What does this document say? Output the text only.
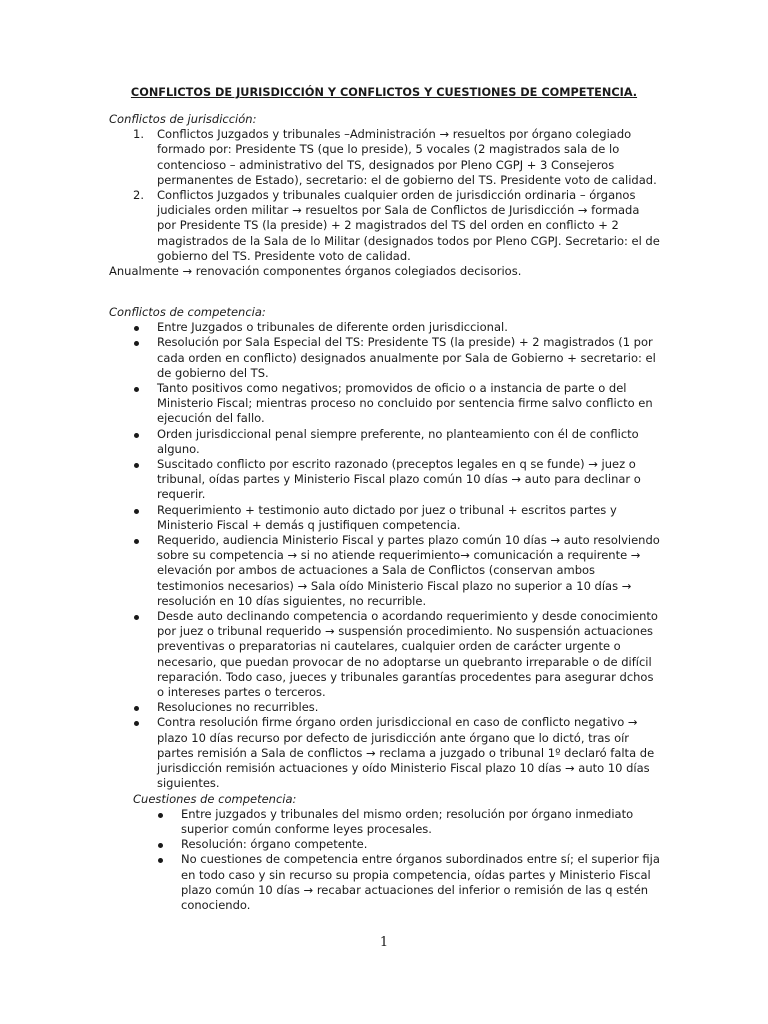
CONFLICTOS DE JURISDICCIÓN Y CONFLICTOS Y CUESTIONES DE COMPETENCIA.
Conflictos de jurisdicción:
1. Conflictos Juzgados y tribunales –Administración → resueltos por órgano colegiado formado por: Presidente TS (que lo preside), 5 vocales (2 magistrados sala de lo contencioso – administrativo del TS, designados por Pleno CGPJ + 3 Consejeros permanentes de Estado), secretario: el de gobierno del TS. Presidente voto de calidad.
2. Conflictos Juzgados y tribunales cualquier orden de jurisdicción ordinaria – órganos judiciales orden militar → resueltos por Sala de Conflictos de Jurisdicción → formada por Presidente TS (la preside) + 2 magistrados del TS del orden en conflicto + 2 magistrados de la Sala de lo Militar (designados todos por Pleno CGPJ. Secretario: el de gobierno del TS. Presidente voto de calidad.
Anualmente → renovación componentes órganos colegiados decisorios.
Conflictos de competencia:
Entre Juzgados o tribunales de diferente orden jurisdiccional.
Resolución por Sala Especial del TS: Presidente TS (la preside) + 2 magistrados (1 por cada orden en conflicto) designados anualmente por Sala de Gobierno + secretario: el de gobierno del TS.
Tanto positivos como negativos; promovidos de oficio o a instancia de parte o del Ministerio Fiscal; mientras proceso no concluido por sentencia firme salvo conflicto en ejecución del fallo.
Orden jurisdiccional penal siempre preferente, no planteamiento con él de conflicto alguno.
Suscitado conflicto por escrito razonado (preceptos legales en q se funde) → juez o tribunal, oídas partes y Ministerio Fiscal plazo común 10 días → auto para declinar o requerir.
Requerimiento + testimonio auto dictado por juez o tribunal + escritos partes y Ministerio Fiscal + demás q justifiquen competencia.
Requerido, audiencia Ministerio Fiscal y partes plazo común 10 días → auto resolviendo sobre su competencia → si no atiende requerimiento→ comunicación a requirente → elevación por ambos de actuaciones a Sala de Conflictos (conservan ambos testimonios necesarios) → Sala oído Ministerio Fiscal plazo no superior a 10 días → resolución en 10 días siguientes, no recurrible.
Desde auto declinando competencia o acordando requerimiento y desde conocimiento por juez o tribunal requerido → suspensión procedimiento. No suspensión actuaciones preventivas o preparatorias ni cautelares, cualquier orden de carácter urgente o necesario, que puedan provocar de no adoptarse un quebranto irreparable o de difícil reparación. Todo caso, jueces y tribunales garantías procedentes para asegurar dchos o intereses partes o terceros.
Resoluciones no recurribles.
Contra resolución firme órgano orden jurisdiccional en caso de conflicto negativo → plazo 10 días recurso por defecto de jurisdicción ante órgano que lo dictó, tras oír partes remisión a Sala de conflictos → reclama a juzgado o tribunal 1º declaró falta de jurisdicción remisión actuaciones y oído Ministerio Fiscal plazo 10 días → auto 10 días siguientes.
Cuestiones de competencia:
Entre juzgados y tribunales del mismo orden; resolución por órgano inmediato superior común conforme leyes procesales.
Resolución: órgano competente.
No cuestiones de competencia entre órganos subordinados entre sí; el superior fija en todo caso y sin recurso su propia competencia, oídas partes y Ministerio Fiscal plazo común 10 días → recabar actuaciones del inferior o remisión de las q estén conociendo.
1
